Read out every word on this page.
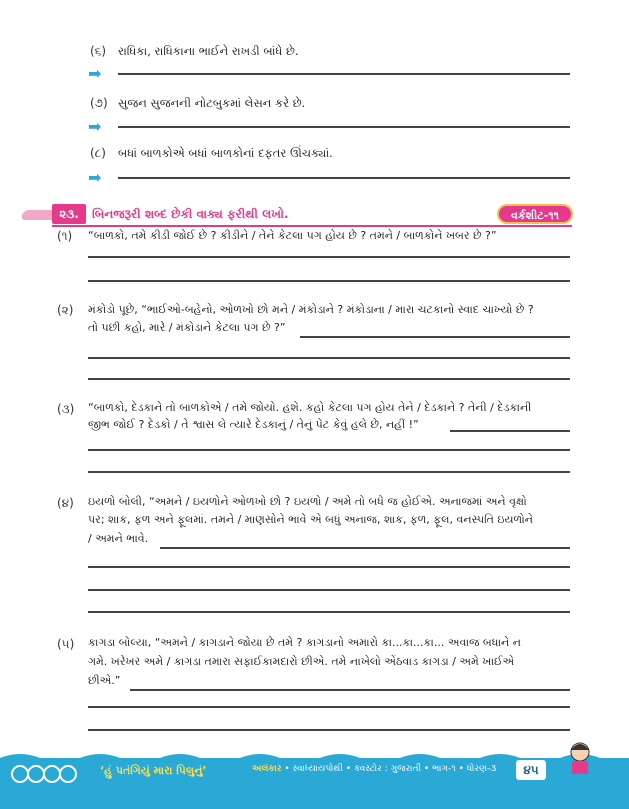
(૬) રાધિકા, રાધિકાના ભાઈને રાખડી બાંધે છે.
➡
(૭) સુજન સુજનની નોટબુકમાં લેસન કરે છે.
➡
(૮) બધાં બાળકોએ બધાં બાળકોનાં દફતર ઊંચક્યાં.
➡
૨૩.	બિનજરૂરી શબ્દ છેકી વાક્ય ફરીથી લખો.	વર્કશીટ-૧૧
(૧) “બાળકો, તમે કીડી જોઈ છે ? કીડીને / તેને કેટલા પગ હોય છે ? તમને / બાળકોને ખબર છે ?”
(૨) મંકોડો પૂછે, “ભાઈઓ-બહેનો, ઓળખો છો મને / મંકોડાને ? મંકોડાના / મારા ચટકાનો સ્વાદ ચાખ્યો છે ?
તો પછી કહો, મારે / મંકોડાને કેટલા પગ છે ?”
(૩) “બાળકો, દેડકાને તો બાળકોએ / તમે જોયો. હશે. કહો કેટલા પગ હોય તેને / દેડકાને ? તેની / દેડકાની
જીભ જોઈ ? દેડકો / તે શ્વાસ લે ત્યારે દેડકાનું / તેનું પેટ કેવું હલે છે, નહીં !”
(૪) ઇયળો બોલી, “અમને / ઇયળોને ઓળખો છો ? ઇયળો / અમે તો બધે જ હોઈએ. અનાજમાં અને વૃક્ષો
પર; શાક, ફળ અને ફૂલમાં. તમને / માણસોને ભાવે એ બધું અનાજ, શાક, ફળ, ફૂલ, વનસ્પતિ ઇયળોને
/ અમને ભાવે.
(૫) કાગડા બોલ્યા, “અમને / કાગડાને જોયા છે તમે ? કાગડાનો અમારો કા...કા...કા... અવાજ બધાને ન
ગમે. ખરેખર અમે / કાગડા તમારા સફાઈકામદારો છીએ. તમે નાખેલો એંઠવાડ કાગડા / અમે ખાઈએ
છીએ.”
‘હું પતંગિયું મારા પિલુનું’	અલંકાર • સ્વાધ્યાયપોથી • ક્વસ્ટોર : ગુજરાતી • ભાગ-૧ • ધોરણ-૩	૪૫
